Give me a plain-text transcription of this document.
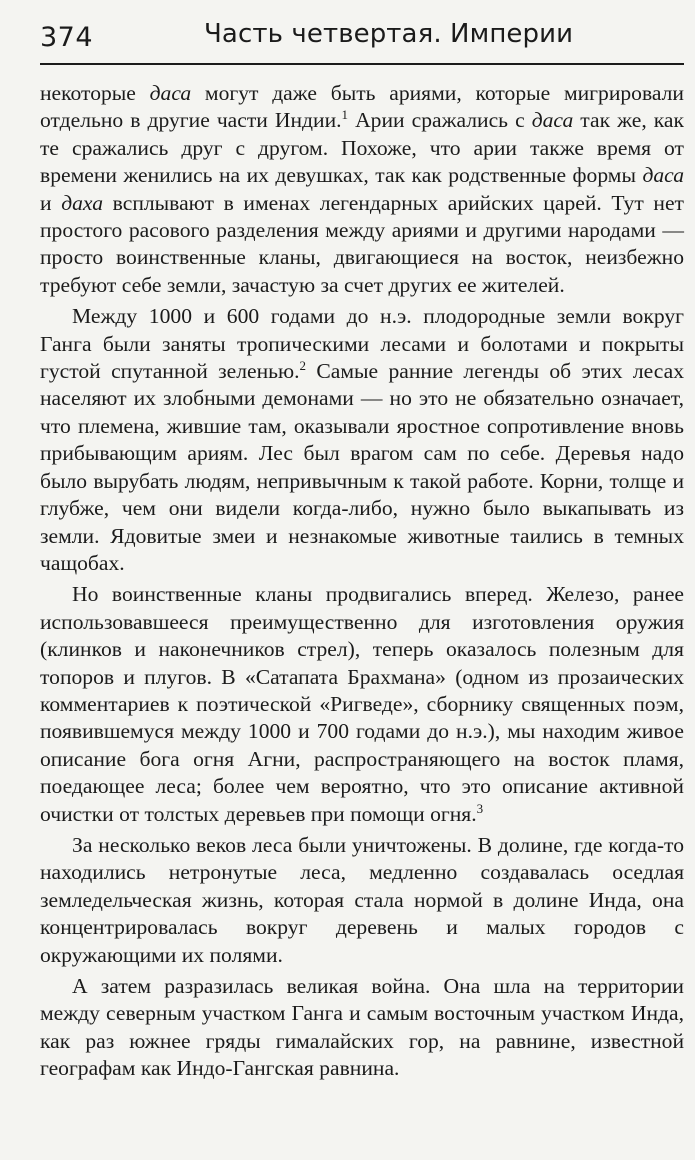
374	Часть четвертая. Империи

некоторые даса могут даже быть ариями, которые мигрировали отдельно в другие части Индии.$^1$ Арии сражались с даса так же, как те сражались друг с другом. Похоже, что арии также время от времени женились на их девушках, так как родственные формы даса и даха всплывают в именах легендарных арийских царей. Тут нет простого расового разделения между ариями и другими народами — просто воинственные кланы, двигающиеся на восток, неизбежно требуют себе земли, зачастую за счет других ее жителей.

Между 1000 и 600 годами до н.э. плодородные земли вокруг Ганга были заняты тропическими лесами и болотами и покрыты густой спутанной зеленью.$^2$ Самые ранние легенды об этих лесах населяют их злобными демонами — но это не обязательно означает, что племена, жившие там, оказывали яростное сопротивление вновь прибывающим ариям. Лес был врагом сам по себе. Деревья надо было вырубать людям, непривычным к такой работе. Корни, толще и глубже, чем они видели когда-либо, нужно было выкапывать из земли. Ядовитые змеи и незнакомые животные таились в темных чащобах.

Но воинственные кланы продвигались вперед. Железо, ранее использовавшееся преимущественно для изготовления оружия (клинков и наконечников стрел), теперь оказалось полезным для топоров и плугов. В «Сатапата Брахмана» (одном из прозаических комментариев к поэтической «Ригведе», сборнику священных поэм, появившемуся между 1000 и 700 годами до н.э.), мы находим живое описание бога огня Агни, распространяющего на восток пламя, поедающее леса; более чем вероятно, что это описание активной очистки от толстых деревьев при помощи огня.$^3$

За несколько веков леса были уничтожены. В долине, где когда-то находились нетронутые леса, медленно создавалась оседлая земледельческая жизнь, которая стала нормой в долине Инда, она концентрировалась вокруг деревень и малых городов с окружающими их полями.

А затем разразилась великая война. Она шла на территории между северным участком Ганга и самым восточным участком Инда, как раз южнее гряды гималайских гор, на равнине, известной географам как Индо-Гангская равнина.
